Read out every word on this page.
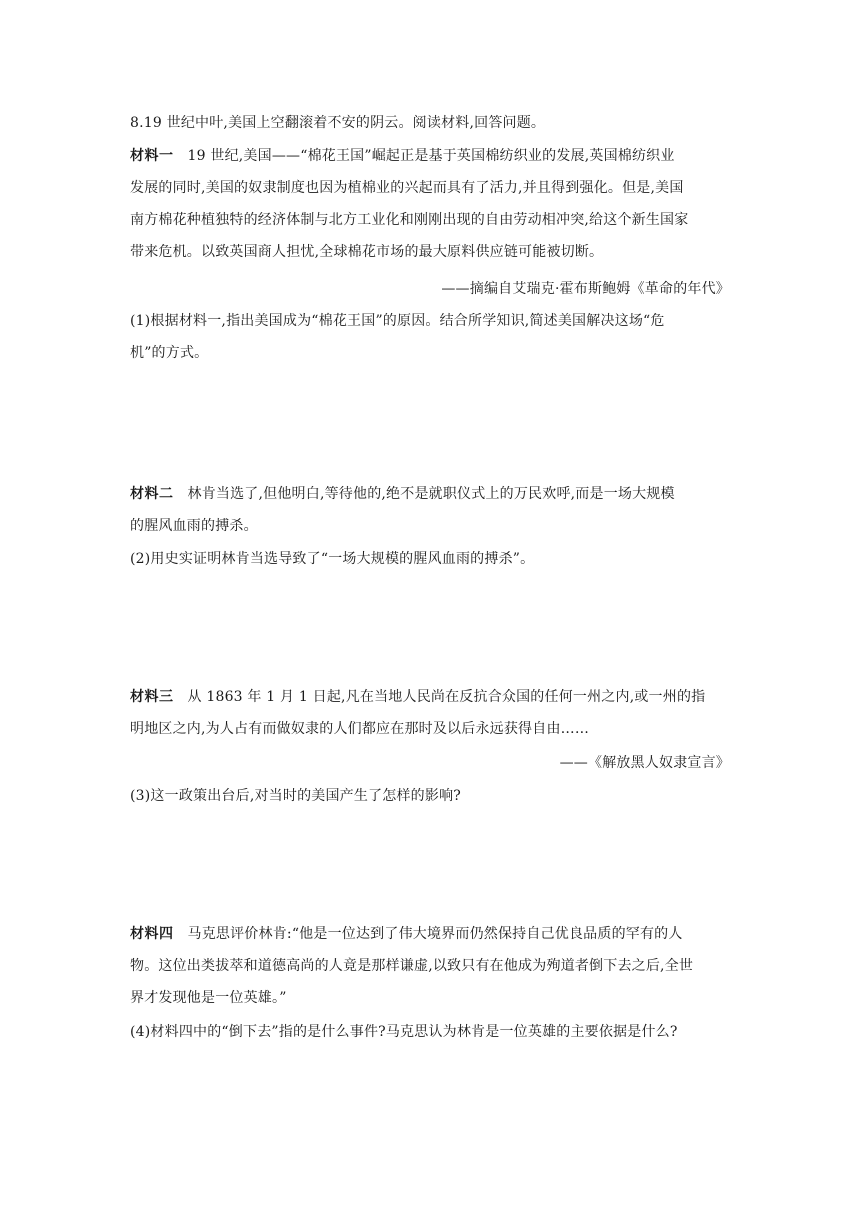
8.19 世纪中叶,美国上空翻滚着不安的阴云。阅读材料,回答问题。
材料一 19 世纪,美国——“棉花王国”崛起正是基于英国棉纺织业的发展,英国棉纺织业
发展的同时,美国的奴隶制度也因为植棉业的兴起而具有了活力,并且得到强化。但是,美国
南方棉花种植独特的经济体制与北方工业化和刚刚出现的自由劳动相冲突,给这个新生国家
带来危机。以致英国商人担忧,全球棉花市场的最大原料供应链可能被切断。
——摘编自艾瑞克·霍布斯鲍姆《革命的年代》
(1)根据材料一,指出美国成为“棉花王国”的原因。结合所学知识,简述美国解决这场“危
机”的方式。
材料二 林肯当选了,但他明白,等待他的,绝不是就职仪式上的万民欢呼,而是一场大规模
的腥风血雨的搏杀。
(2)用史实证明林肯当选导致了“一场大规模的腥风血雨的搏杀”。
材料三 从 1863 年 1 月 1 日起,凡在当地人民尚在反抗合众国的任何一州之内,或一州的指
明地区之内,为人占有而做奴隶的人们都应在那时及以后永远获得自由……
——《解放黑人奴隶宣言》
(3)这一政策出台后,对当时的美国产生了怎样的影响?
材料四 马克思评价林肯:“他是一位达到了伟大境界而仍然保持自己优良品质的罕有的人
物。这位出类拔萃和道德高尚的人竟是那样谦虚,以致只有在他成为殉道者倒下去之后,全世
界才发现他是一位英雄。”
(4)材料四中的“倒下去”指的是什么事件?马克思认为林肯是一位英雄的主要依据是什么?
